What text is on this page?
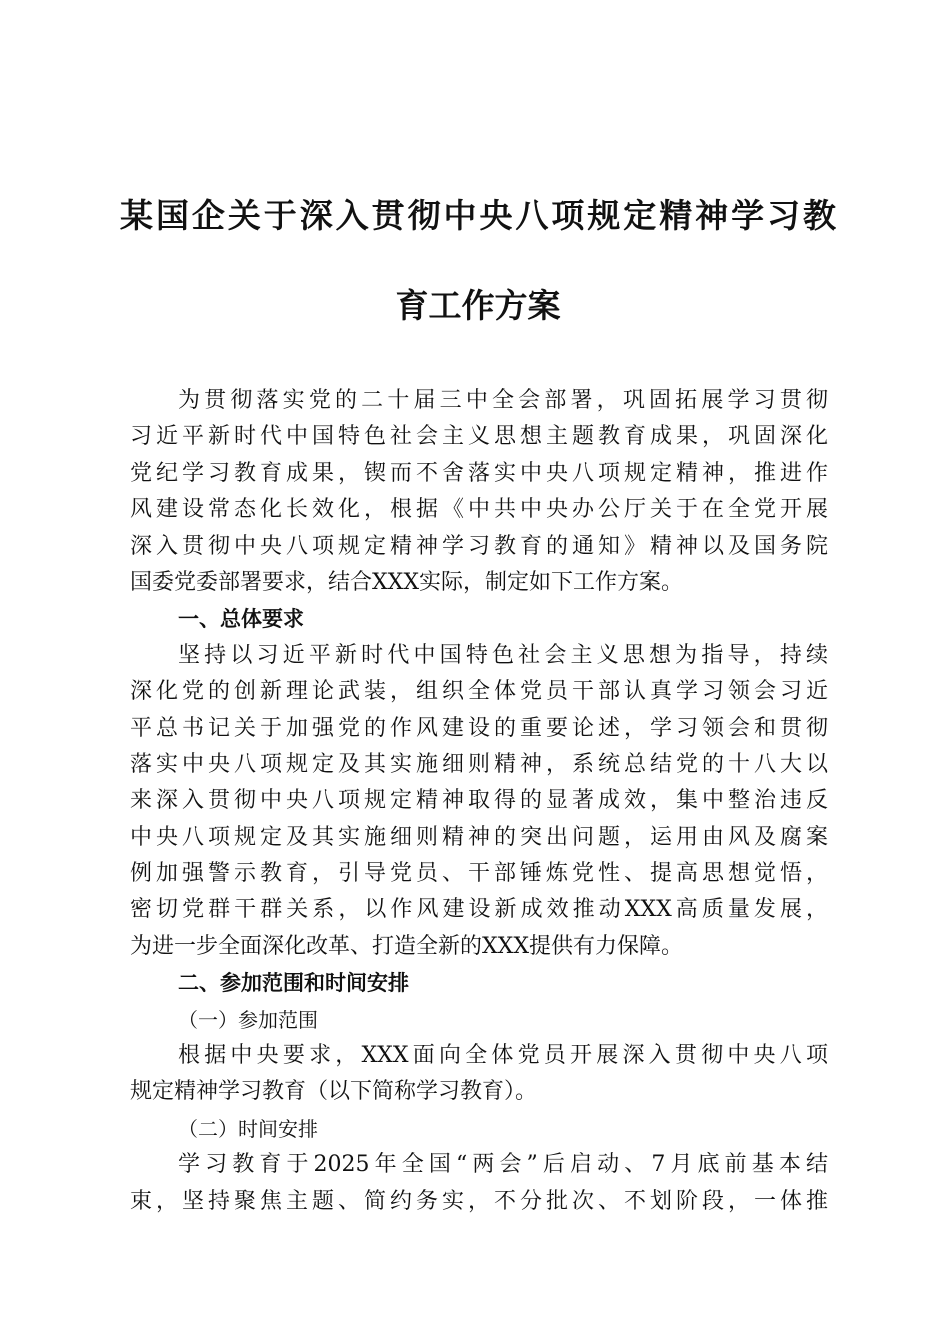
某国企关于深入贯彻中央八项规定精神学习教
育工作方案
为贯彻落实党的二十届三中全会部署，巩固拓展学习贯彻
习近平新时代中国特色社会主义思想主题教育成果，巩固深化
党纪学习教育成果，锲而不舍落实中央八项规定精神，推进作
风建设常态化长效化，根据《中共中央办公厅关于在全党开展
深入贯彻中央八项规定精神学习教育的通知》精神以及国务院
国委党委部署要求，结合XXX实际，制定如下工作方案。
一、总体要求
坚持以习近平新时代中国特色社会主义思想为指导，持续
深化党的创新理论武装，组织全体党员干部认真学习领会习近
平总书记关于加强党的作风建设的重要论述，学习领会和贯彻
落实中央八项规定及其实施细则精神，系统总结党的十八大以
来深入贯彻中央八项规定精神取得的显著成效，集中整治违反
中央八项规定及其实施细则精神的突出问题，运用由风及腐案
例加强警示教育，引导党员、干部锤炼党性、提高思想觉悟，
密切党群干群关系，以作风建设新成效推动XXX高质量发展，
为进一步全面深化改革、打造全新的XXX提供有力保障。
二、参加范围和时间安排
（一）参加范围
根据中央要求，XXX面向全体党员开展深入贯彻中央八项
规定精神学习教育（以下简称学习教育）。
（二）时间安排
学习教育于2025年全国“两会”后启动、7月底前基本结
束，坚持聚焦主题、简约务实，不分批次、不划阶段，一体推
